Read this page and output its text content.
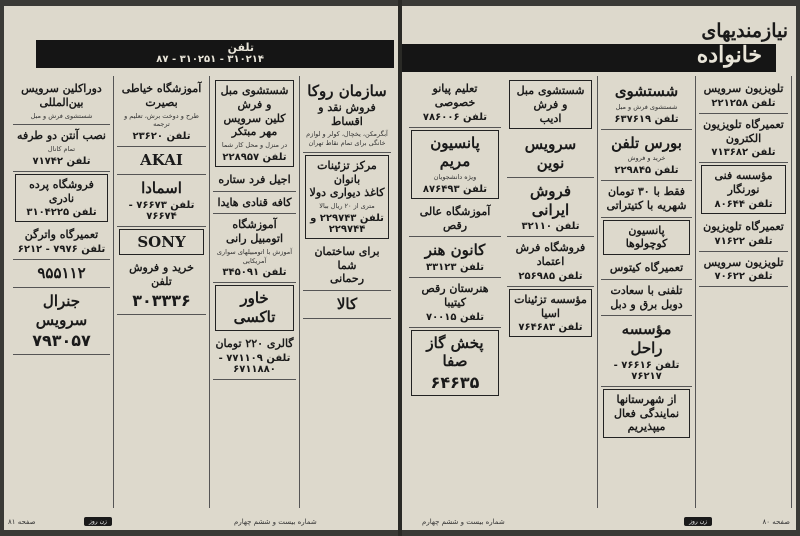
تلفن
۳۱۰۲۱۴ - ۳۱۰۲۵۱ - ۸۷
سازمان روکا
فروش نقد و اقساط
آبگرمکن، یخچال، کولر و لوازم خانگی برای تمام نقاط تهران
مرکز تزئینات بانوان
کاغذ دیواری دولا
متری از ۲۰ ریال ببالا
تلفن ۲۲۹۷۴۳ و ۲۲۹۷۴۴
برای ساختمان شما
رحمانی
کالا
شستشوی مبل و فرش
کلین سرویس مهر مبتکر
در منزل و محل کار شما
تلفن ۲۲۸۹۵۷
اجیل فرد ستاره
کافه قنادی هایدا
آموزشگاه اتومبیل رانی
آموزش با اتومبیلهای سواری آمریکایی
تلفن ۳۴۵۰۹۱
خاور تاکسی
گالری ۲۲۰ تومان
تلفن ۷۷۱۱۰۹ - ۶۷۱۱۸۸۰
آموزشگاه خیاطی
بصیرت
طرح و دوخت برش، تعلیم و ترجمه
تلفن ۲۳۶۲۰
AKAI
اسمادا
تلفن ۷۶۶۷۳ - ۷۶۶۷۴
SONY
خرید و فروش تلفن
۳۰۳۳۳۶
دوراکلین سرویس بین‌المللی
شستشوی فرش و مبل
نصب آنتن دو طرفه
تمام کانال
تلفن ۷۱۷۴۲
فروشگاه پرده نادری
تلفن ۳۱۰۴۲۲۵
تعمیرگاه واترگن
تلفن ۷۹۷۶ - ۶۲۱۲
۹۵۵۱۱۲
جنرال سرویس
۷۹۳۰۵۷
زن روز	شماره بیست و ششم چهارم
صفحه ۸۱
نیازمندیهای
خانواده
تعلیم پیانو خصوصی
تلفن ۷۸۶۰۰۶
پانسیون مریم
ویژه دانشجویان
تلفن ۸۷۶۴۹۳
آموزشگاه عالی رقص
کانون هنر
تلفن ۳۳۱۲۳
هنرستان رقص کیتیبا
تلفن ۷۰۰۱۵
پخش گاز صفا
۶۴۶۳۵
شستشوی مبل و فرش
ادیب
سرویس نوین
فروش ایرانی
تلفن ۳۲۱۱۰
فروشگاه فرش اعتماد
تلفن ۲۵۶۹۸۵
مؤسسه تزئینات اسیا
تلفن ۷۶۴۶۸۳
شستشوی
شستشوی فرش و مبل
تلفن ۶۳۷۶۱۹
بورس تلفن
خرید و فروش
تلفن ۲۲۹۸۴۵
فقط با ۳۰ تومان شهریه با کتیتراتی
پانسیون کوچولوها
تعمیرگاه کیتوس
تلفنی با سعادت دوبل برق و دبل
مؤسسه راحل
تلفن ۷۶۶۱۶ - ۷۶۲۱۷
از شهرستانها نمایندگی فعال میپذیریم
تلویزیون سرویس
تلفن ۲۲۱۲۵۸
تعمیرگاه تلویزیون الکترون
تلفن ۷۱۳۶۸۲
مؤسسه فنی نورنگار
تلفن ۸۰۶۴۴
تعمیرگاه تلویزیون
تلفن ۷۱۶۲۲
تلویزیون سرویس
تلفن ۷۰۶۲۲
زن روز
شماره بیست و ششم چهارم	صفحه ۸۰
